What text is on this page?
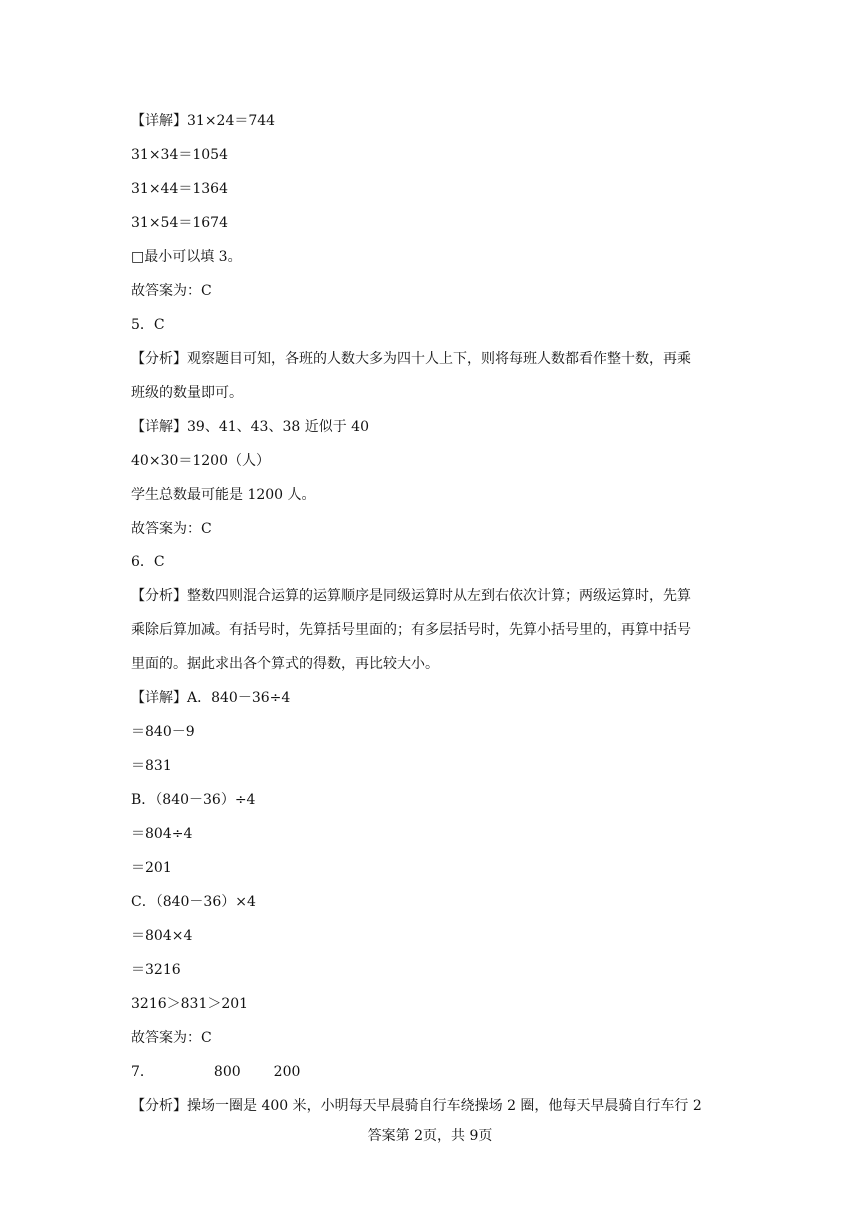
【详解】31×24＝744

31×34＝1054

31×44＝1364

31×54＝1674

□最小可以填 3。

故答案为：C

5．C

【分析】观察题目可知，各班的人数大多为四十人上下，则将每班人数都看作整十数，再乘

班级的数量即可。

【详解】39、41、43、38 近似于 40

40×30＝1200（人）

学生总数最可能是 1200 人。

故答案为：C

6．C

【分析】整数四则混合运算的运算顺序是同级运算时从左到右依次计算；两级运算时，先算

乘除后算加减。有括号时，先算括号里面的；有多层括号时，先算小括号里的，再算中括号

里面的。据此求出各个算式的得数，再比较大小。

【详解】A．840－36÷4

＝840－9

＝831

B．（840－36）÷4

＝804÷4

＝201

C．（840－36）×4

＝804×4

＝3216

3216＞831＞201

故答案为：C

7．	800 200

【分析】操场一圈是 400 米，小明每天早晨骑自行车绕操场 2 圈，他每天早晨骑自行车行 2

答案第 2页，共 9页
